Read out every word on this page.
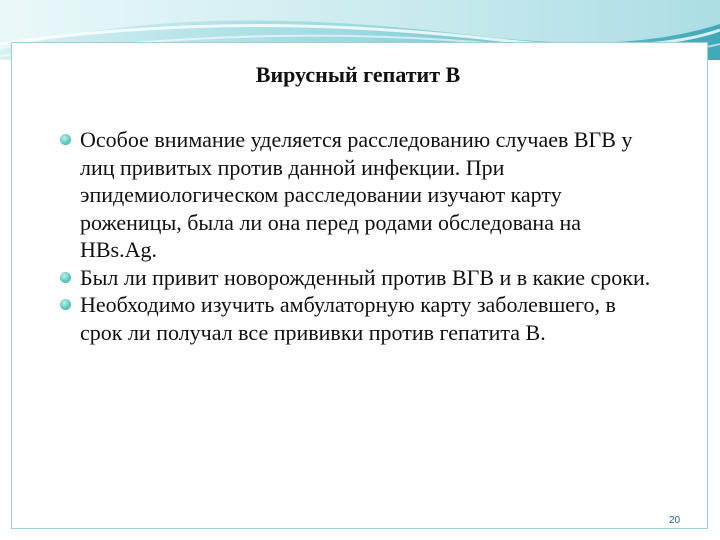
Вирусный гепатит В

Особое внимание уделяется расследованию случаев ВГВ у лиц привитых против данной инфекции. При эпидемиологическом расследовании изучают карту роженицы, была ли она перед родами обследована на HBs.Ag.

Был ли привит новорожденный против ВГВ и в какие сроки.

Необходимо изучить амбулаторную карту заболевшего, в срок ли получал все прививки против гепатита В.

20
